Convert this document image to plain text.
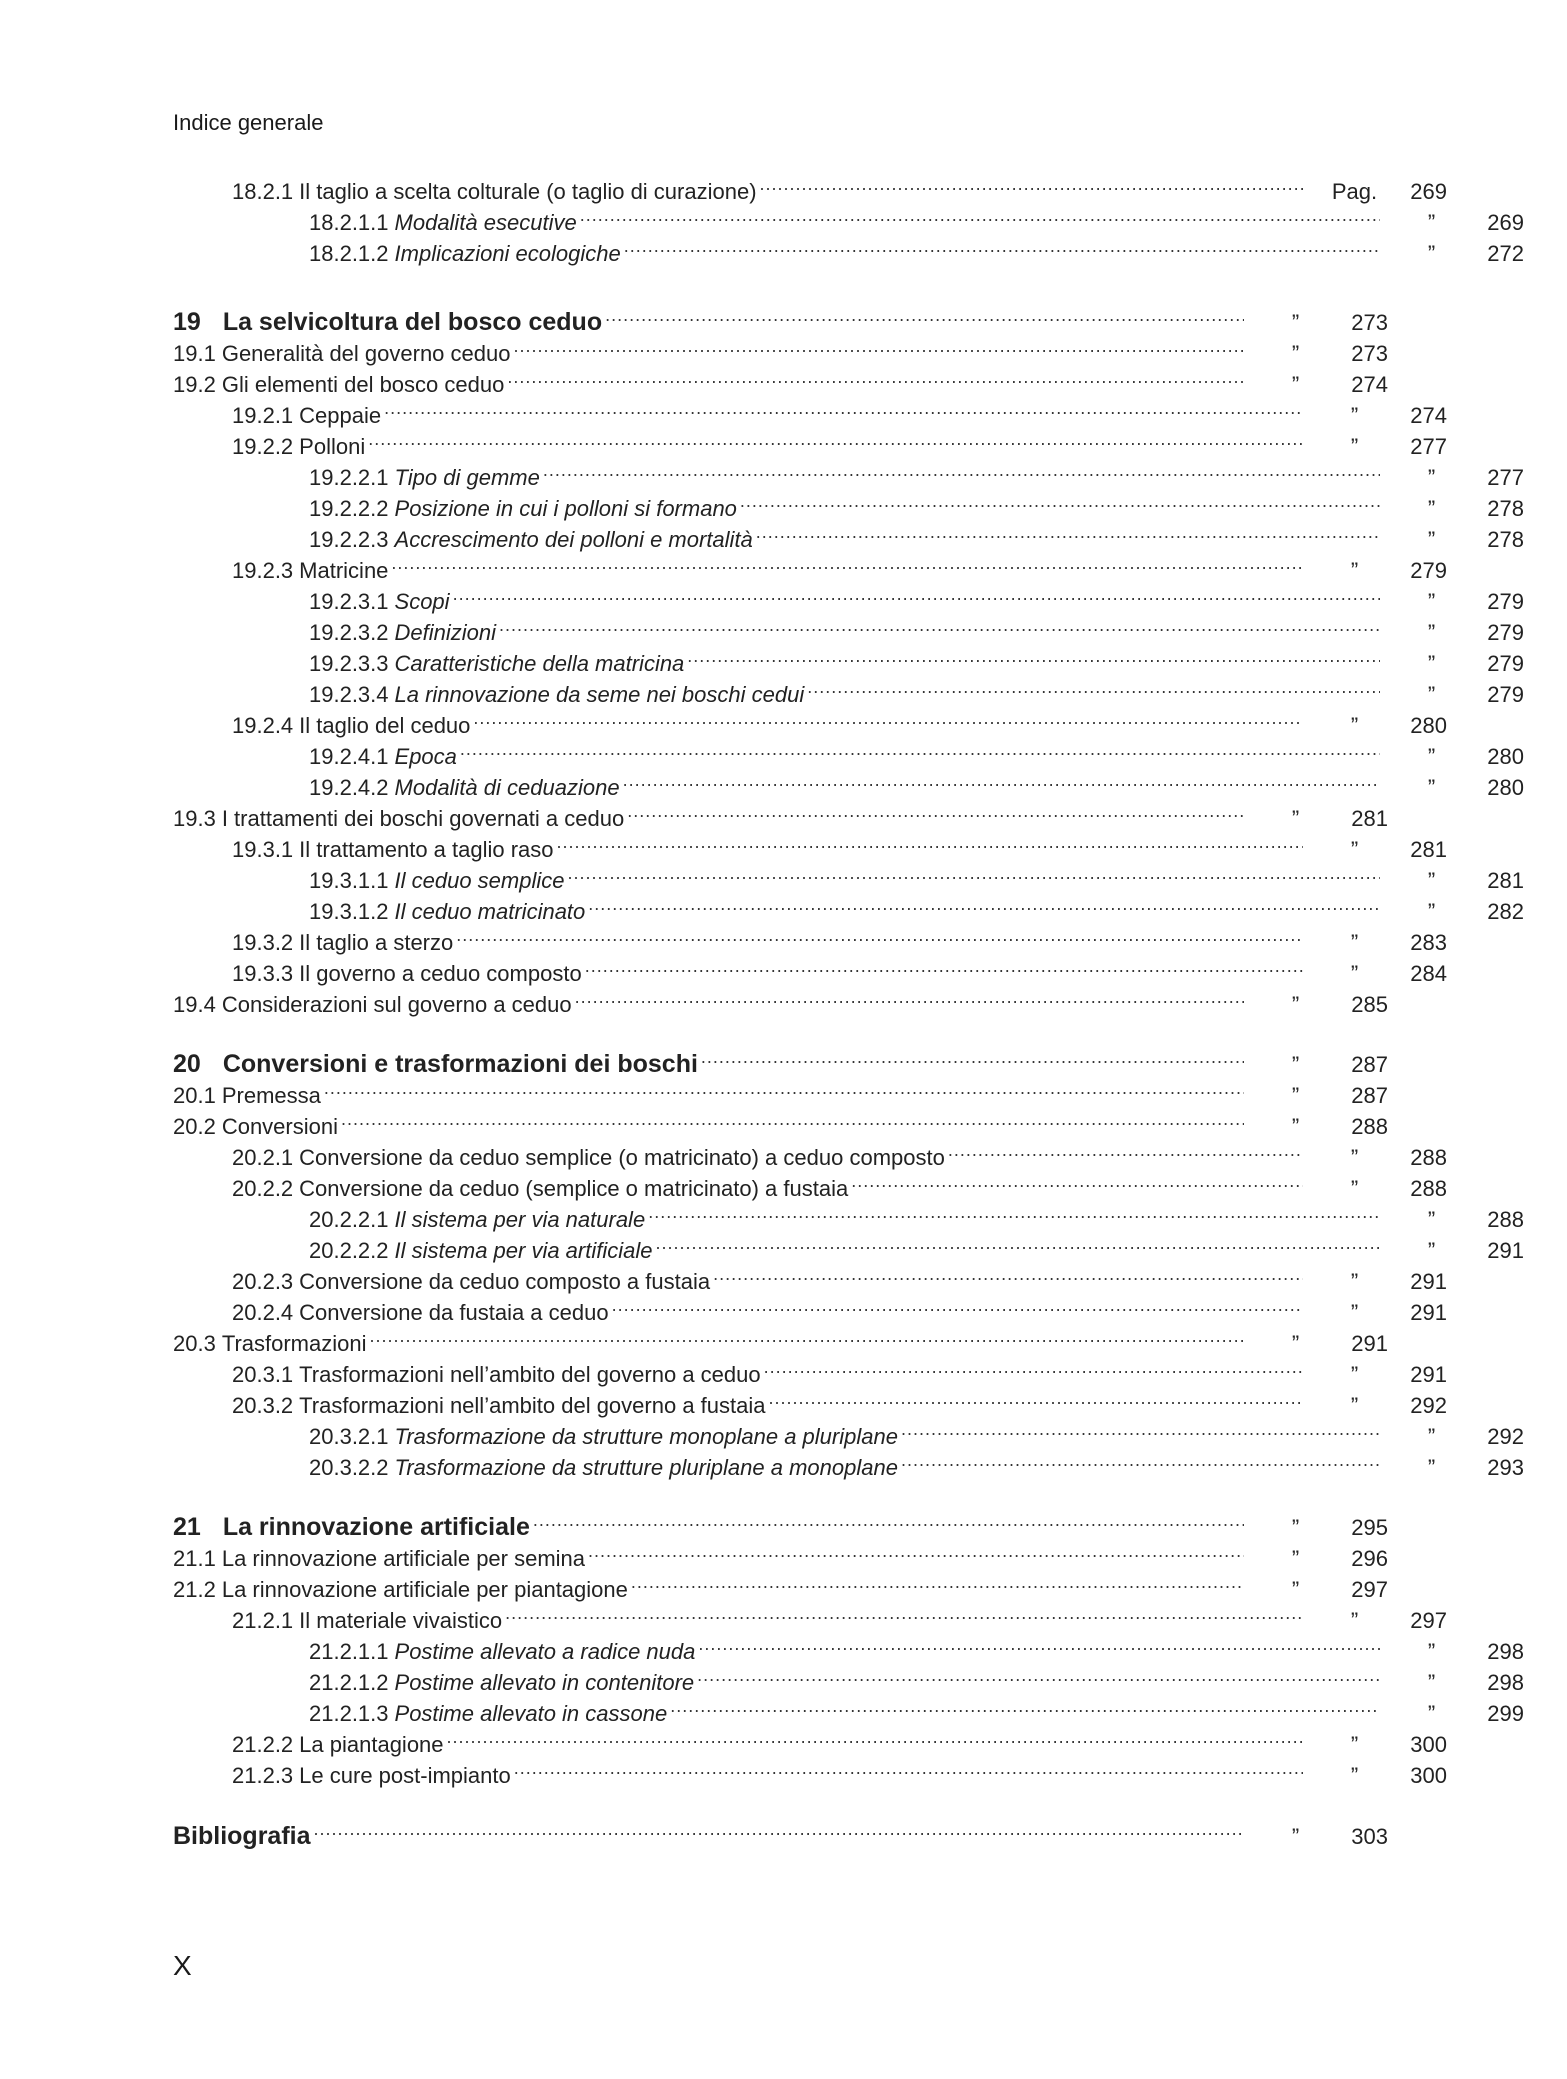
Indice generale
18.2.1 Il taglio a scelta colturale (o taglio di curazione) .....	Pag.	269
18.2.1.1 Modalità esecutive .....	”	269
18.2.1.2 Implicazioni ecologiche .....	”	272
19 La selvicoltura del bosco ceduo .....	”	273
19.1 Generalità del governo ceduo .....	”	273
19.2 Gli elementi del bosco ceduo .....	”	274
19.2.1 Ceppaie .....	”	274
19.2.2 Polloni .....	”	277
19.2.2.1 Tipo di gemme .....	”	277
19.2.2.2 Posizione in cui i polloni si formano .....	”	278
19.2.2.3 Accrescimento dei polloni e mortalità .....	”	278
19.2.3 Matricine .....	”	279
19.2.3.1 Scopi .....	”	279
19.2.3.2 Definizioni .....	”	279
19.2.3.3 Caratteristiche della matricina .....	”	279
19.2.3.4 La rinnovazione da seme nei boschi cedui .....	”	279
19.2.4 Il taglio del ceduo .....	”	280
19.2.4.1 Epoca .....	”	280
19.2.4.2 Modalità di ceduazione .....	”	280
19.3 I trattamenti dei boschi governati a ceduo .....	”	281
19.3.1 Il trattamento a taglio raso .....	”	281
19.3.1.1 Il ceduo semplice .....	”	281
19.3.1.2 Il ceduo matricinato .....	”	282
19.3.2 Il taglio a sterzo .....	”	283
19.3.3 Il governo a ceduo composto .....	”	284
19.4 Considerazioni sul governo a ceduo .....	”	285
20 Conversioni e trasformazioni dei boschi .....	”	287
20.1 Premessa .....	”	287
20.2 Conversioni .....	”	288
20.2.1 Conversione da ceduo semplice (o matricinato) a ceduo composto .....	”	288
20.2.2 Conversione da ceduo (semplice o matricinato) a fustaia .....	”	288
20.2.2.1 Il sistema per via naturale .....	”	288
20.2.2.2 Il sistema per via artificiale .....	”	291
20.2.3 Conversione da ceduo composto a fustaia .....	”	291
20.2.4 Conversione da fustaia a ceduo .....	”	291
20.3 Trasformazioni .....	”	291
20.3.1 Trasformazioni nell’ambito del governo a ceduo .....	”	291
20.3.2 Trasformazioni nell’ambito del governo a fustaia .....	”	292
20.3.2.1 Trasformazione da strutture monoplane a pluriplane .....	”	292
20.3.2.2 Trasformazione da strutture pluriplane a monoplane .....	”	293
21 La rinnovazione artificiale .....	”	295
21.1 La rinnovazione artificiale per semina .....	”	296
21.2 La rinnovazione artificiale per piantagione .....	”	297
21.2.1 Il materiale vivaistico .....	”	297
21.2.1.1 Postime allevato a radice nuda .....	”	298
21.2.1.2 Postime allevato in contenitore .....	”	298
21.2.1.3 Postime allevato in cassone .....	”	299
21.2.2 La piantagione .....	”	300
21.2.3 Le cure post-impianto .....	”	300
Bibliografia .....	”	303
X
